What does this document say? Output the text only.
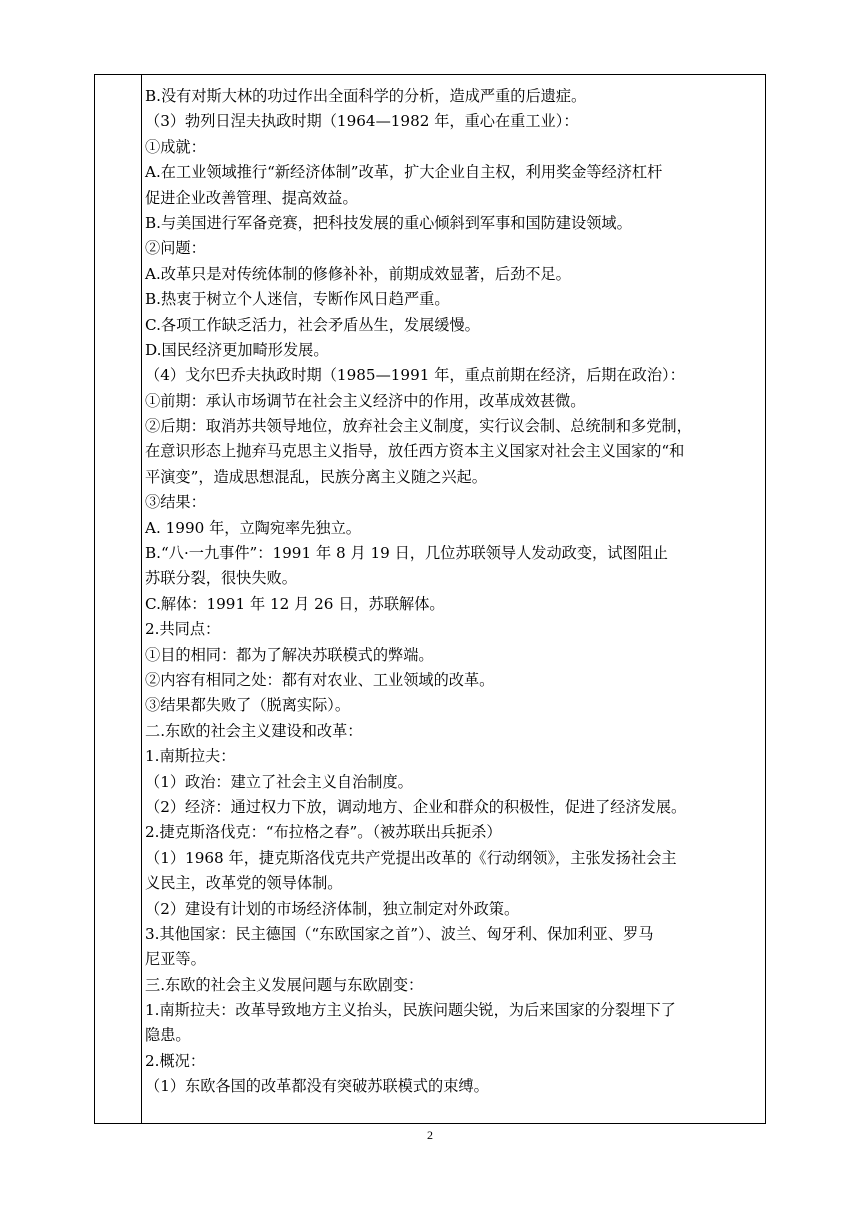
B.没有对斯大林的功过作出全面科学的分析，造成严重的后遗症。
（3）勃列日涅夫执政时期（1964—1982 年，重心在重工业）：
①成就：
A.在工业领域推行“新经济体制”改革，扩大企业自主权，利用奖金等经济杠杆
促进企业改善管理、提高效益。
B.与美国进行军备竞赛，把科技发展的重心倾斜到军事和国防建设领域。
②问题：
A.改革只是对传统体制的修修补补，前期成效显著，后劲不足。
B.热衷于树立个人迷信，专断作风日趋严重。
C.各项工作缺乏活力，社会矛盾丛生，发展缓慢。
D.国民经济更加畸形发展。
（4）戈尔巴乔夫执政时期（1985—1991 年，重点前期在经济，后期在政治）：
①前期：承认市场调节在社会主义经济中的作用，改革成效甚微。
②后期：取消苏共领导地位，放弃社会主义制度，实行议会制、总统制和多党制，
在意识形态上抛弃马克思主义指导，放任西方资本主义国家对社会主义国家的“和
平演变”，造成思想混乱，民族分离主义随之兴起。
③结果：
A. 1990 年，立陶宛率先独立。
B.“八·一九事件”：1991 年 8 月 19 日，几位苏联领导人发动政变，试图阻止
苏联分裂，很快失败。
C.解体：1991 年 12 月 26 日，苏联解体。
2.共同点：
①目的相同：都为了解决苏联模式的弊端。
②内容有相同之处：都有对农业、工业领域的改革。
③结果都失败了（脱离实际）。
二.东欧的社会主义建设和改革：
1.南斯拉夫：
（1）政治：建立了社会主义自治制度。
（2）经济：通过权力下放，调动地方、企业和群众的积极性，促进了经济发展。
2.捷克斯洛伐克：“布拉格之春”。（被苏联出兵扼杀）
（1）1968 年，捷克斯洛伐克共产党提出改革的《行动纲领》，主张发扬社会主
义民主，改革党的领导体制。
（2）建设有计划的市场经济体制，独立制定对外政策。
3.其他国家：民主德国（“东欧国家之首”）、波兰、匈牙利、保加利亚、罗马
尼亚等。
三.东欧的社会主义发展问题与东欧剧变：
1.南斯拉夫：改革导致地方主义抬头，民族问题尖锐，为后来国家的分裂埋下了
隐患。
2.概况：
（1）东欧各国的改革都没有突破苏联模式的束缚。
2
